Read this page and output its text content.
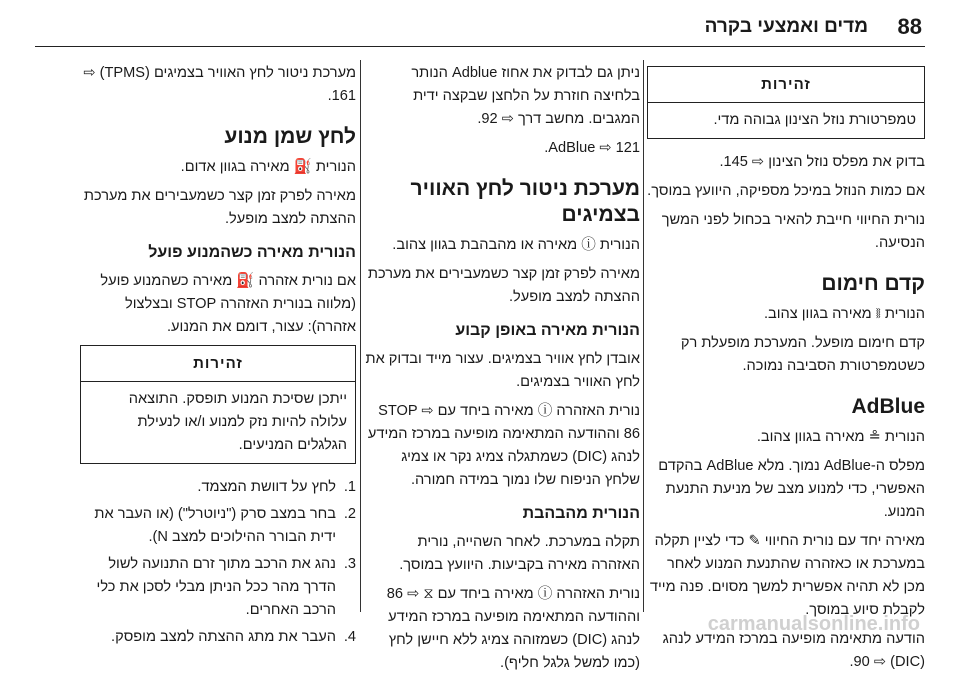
88
מדים ואמצעי בקרה
זהירות
טמפרטורת נוזל הצינון גבוהה מדי.

בדוק את מפלס נוזל הצינון ⇨ 145.

אם כמות הנוזל במיכל מספיקה, היוועץ במוסך.

נורית החיווי חייבת להאיר בכחול לפני המשך הנסיעה.

קדם חימום

הנורית ⧛ מאירה בגוון צהוב.

קדם חימום מופעל. המערכת מופעלת רק כשטמפרטורת הסביבה נמוכה.

AdBlue

הנורית ≗ מאירה בגוון צהוב.

מפלס ה-AdBlue נמוך. מלא AdBlue בהקדם האפשרי, כדי למנוע מצב של מניעת התנעת המנוע.

מאירה יחד עם נורית החיווי ✎ כדי לציין תקלה במערכת או כאזהרה שהתנעת המנוע לאחר מכן לא תהיה אפשרית למשך מסוים. פנה מייד לקבלת סיוע במוסך.

הודעה מתאימה מופיעה במרכז המידע לנהג (DIC) ⇨ 90.

ניתן גם לבדוק את אחוז Adblue הנותר בלחיצה חוזרת על הלחצן שבקצה ידית המגבים. מחשב דרך ⇨ 92.

AdBlue ⇨ 121.

מערכת ניטור לחץ האוויר בצמיגים

הנורית ⓘ מאירה או מהבהבת בגוון צהוב.

מאירה לפרק זמן קצר כשמעבירים את מערכת ההצתה למצב מופעל.

הנורית מאירה באופן קבוע

אובדן לחץ אוויר בצמיגים. עצור מייד ובדוק את לחץ האוויר בצמיגים.

נורית האזהרה ⓘ מאירה ביחד עם STOP ⇨ 86 וההודעה המתאימה מופיעה במרכז המידע לנהג (DIC) כשמתגלה צמיג נקר או צמיג שלחץ הניפוח שלו נמוך במידה חמורה.

הנורית מהבהבת

תקלה במערכת. לאחר השהייה, נורית האזהרה מאירה בקביעות. היוועץ במוסך.

נורית האזהרה ⓘ מאירה ביחד עם ⧖ ⇨ 86 וההודעה המתאימה מופיעה במרכז המידע לנהג (DIC) כשמזוהה צמיג ללא חיישן לחץ (כמו למשל גלגל חליף).

מערכת ניטור לחץ האוויר בצמיגים (TPMS) ⇨ 161.

לחץ שמן מנוע

הנורית ⛽ מאירה בגוון אדום.

מאירה לפרק זמן קצר כשמעבירים את מערכת ההצתה למצב מופעל.

הנורית מאירה כשהמנוע פועל

אם נורית אזהרה ⛽ מאירה כשהמנוע פועל (מלווה בנורית האזהרה STOP ובצלצול אזהרה): עצור, דומם את המנוע.

זהירות
ייתכן שסיכת המנוע תופסק. התוצאה עלולה להיות נזק למנוע ו/או לנעילת הגלגלים המניעים.
1.
לחץ על דוושת המצמד.
2.
בחר במצב סרק ("ניוטרל") (או העבר את ידית הבורר ההילוכים למצב N).
3.
נהג את הרכב מתוך זרם התנועה לשול הדרך מהר ככל הניתן מבלי לסכן את כלי הרכב האחרים.
4.
העבר את מתג ההצתה למצב מופסק.
carmanualsonline.info
